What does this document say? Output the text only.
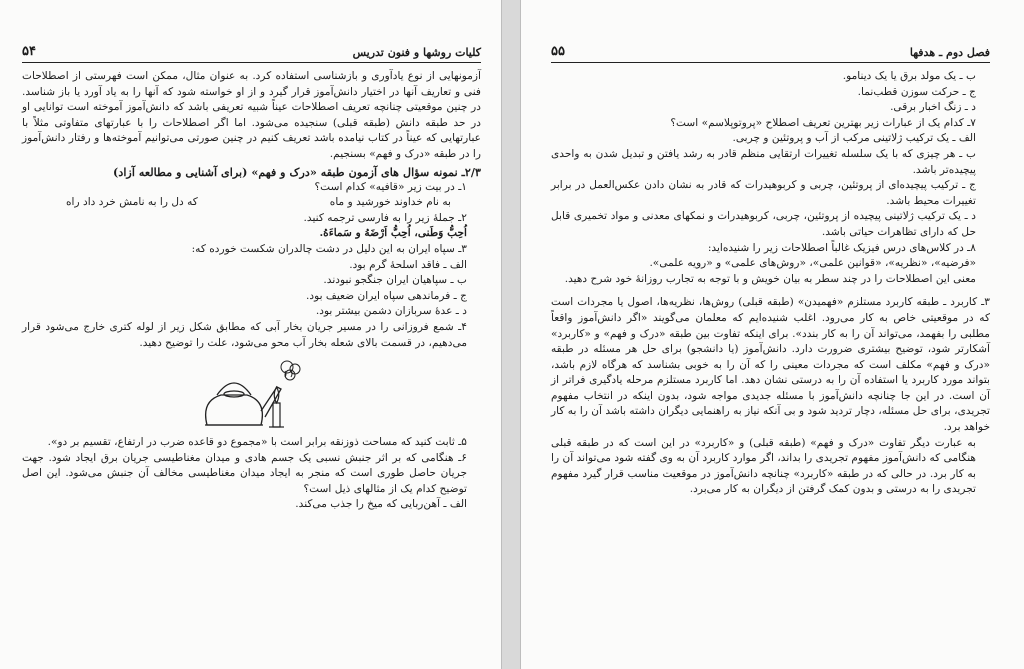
کلیات روشها و فنون تدریس
۵۴

آزمونهایی از نوع یادآوری و بازشناسی استفاده کرد. به عنوان مثال، ممکن است فهرستی از اصطلاحات فنی و تعاریف آنها در اختیار دانش‌آموز قرار گیرد و از او خواسته شود که آنها را به یاد آورد یا باز شناسد. در چنین موقعیتی چنانچه تعریف اصطلاحات عیناً شبیه تعریفی باشد که دانش‌آموز آموخته است توانایی او در حد طبقه دانش (طبقه قبلی) سنجیده می‌شود. اما اگر اصطلاحات را با عبارتهای متفاوتی مثلاً با عبارتهایی که عیناً در کتاب نیامده باشد تعریف کنیم در چنین صورتی می‌توانیم آموخته‌ها و رفتار دانش‌آموز را در طبقه «درک و فهم» بسنجیم.

۲/۳ـ نمونه سؤال های آزمون طبقه «درک و فهم» (برای آشنایی و مطالعه آزاد)

۱ـ در بیت زیر «قافیه» کدام است؟

به نام خداوند خورشید و ماه
که دل را به نامش خرد داد راه

۲ـ جملهٔ زیر را به فارسی ترجمه کنید.

اُحِبُّ وَطَنی، اُحِبُّ اَرْضَهُ و سَماءَهُ.

۳ـ سپاه ایران به این دلیل در دشت چالدران شکست خورده که:

الف ـ فاقد اسلحهٔ گرم بود.

ب ـ سپاهیان ایران جنگجو نبودند.

ج ـ فرماندهی سپاه ایران ضعیف بود.

د ـ عدهٔ سربازان دشمن بیشتر بود.

۴ـ شمع فروزانی را در مسیر جریان بخار آبی که مطابق شکل زیر از لوله کتری خارج می‌شود قرار می‌دهیم، در قسمت بالای شعله بخار آب محو می‌شود، علت را توضیح دهید.

۵ـ ثابت کنید که مساحت ذوزنقه برابر است با «مجموع دو قاعده ضرب در ارتفاع، تقسیم بر دو».

۶ـ هنگامی که بر اثر جنبش نسبی یک جسم هادی و میدان مغناطیسی جریان برق ایجاد شود. جهت جریان حاصل طوری است که منجر به ایجاد میدان مغناطیسی مخالف آن جنبش می‌شود. این اصل توضیح کدام یک از مثالهای ذیل است؟

الف ـ آهن‌ربایی که میخ را جذب می‌کند.

فصل دوم ـ هدفها
۵۵

ب ـ یک مولد برق یا یک دینامو.

ج ـ حرکت سوزن قطب‌نما.

د ـ زنگ اخبار برقی.

۷ـ کدام یک از عبارات زیر بهترین تعریف اصطلاح «پروتوپلاسم» است؟

الف ـ یک ترکیب ژلاتینی مرکب از آب و پروتئین و چربی.

ب ـ هر چیزی که با یک سلسله تغییرات ارتقایی منظم قادر به رشد یافتن و تبدیل شدن به واحدی پیچیده‌تر باشد.

ج ـ ترکیب پیچیده‌ای از پروتئین، چربی و کربوهیدرات که قادر به نشان دادن عکس‌العمل در برابر تغییرات محیط باشد.

د ـ یک ترکیب ژلاتینی پیچیده از پروتئین، چربی، کربوهیدرات و نمکهای معدنی و مواد تخمیری قابل حل که دارای تظاهرات حیاتی باشد.

۸ـ در کلاس‌های درس فیزیک غالباً اصطلاحات زیر را شنیده‌اید:

«فرضیه»، «نظریه»، «قوانین علمی»، «روش‌های علمی» و «رویه علمی».

معنی این اصطلاحات را در چند سطر به بیان خویش و با توجه به تجارب روزانهٔ خود شرح دهید.

۳ـ کاربرد ـ طبقه کاربرد مستلزم «فهمیدن» (طبقه قبلی) روش‌ها، نظریه‌ها، اصول یا مجردات است که در موقعیتی خاص به کار می‌رود. اغلب شنیده‌ایم که معلمان می‌گویند «اگر دانش‌آموز واقعاً مطلبی را بفهمد، می‌تواند آن را به کار بندد». برای اینکه تفاوت بین طبقه «درک و فهم» و «کاربرد» آشکارتر شود، توضیح بیشتری ضرورت دارد. دانش‌آموز (یا دانشجو) برای حل هر مسئله در طبقه «درک و فهم» مکلف است که مجردات معینی را که آن را به خوبی بشناسد که هرگاه لازم باشد، بتواند مورد کاربرد یا استفاده آن را به درستی نشان دهد. اما کاربرد مستلزم مرحله یادگیری فراتر از آن است. در این جا چنانچه دانش‌آموز با مسئله جدیدی مواجه شود، بدون اینکه در انتخاب مفهوم تجریدی، برای حل مسئله، دچار تردید شود و بی آنکه نیاز به راهنمایی دیگران داشته باشد آن را به کار خواهد برد.

به عبارت دیگر تفاوت «درک و فهم» (طبقه قبلی) و «کاربرد» در این است که در طبقه قبلی هنگامی که دانش‌آموز مفهوم تجریدی را بداند، اگر موارد کاربرد آن به وی گفته شود می‌تواند آن را به کار برد. در حالی که در طبقه «کاربرد» چنانچه دانش‌آموز در موقعیت مناسب قرار گیرد مفهوم تجریدی را به درستی و بدون کمک گرفتن از دیگران به کار می‌برد.
